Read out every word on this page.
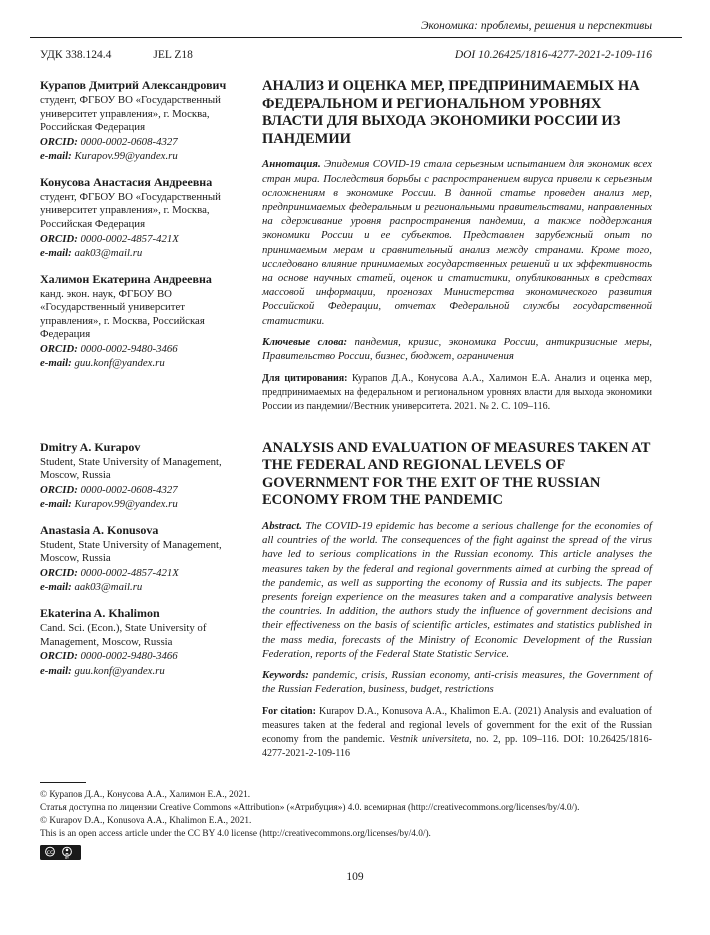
Экономика: проблемы, решения и перспективы
УДК 338.124.4	JEL Z18	DOI 10.26425/1816-4277-2021-2-109-116
Курапов Дмитрий Александрович
студент, ФГБОУ ВО «Государственный университет управления», г. Москва, Российская Федерация
ORCID: 0000-0002-0608-4327
e-mail: Kurapov.99@yandex.ru
Конусова Анастасия Андреевна
студент, ФГБОУ ВО «Государственный университет управления», г. Москва, Российская Федерация
ORCID: 0000-0002-4857-421X
e-mail: aak03@mail.ru
Халимон Екатерина Андреевна
канд. экон. наук, ФГБОУ ВО «Государственный университет управления», г. Москва, Российская Федерация
ORCID: 0000-0002-9480-3466
e-mail: guu.konf@yandex.ru
АНАЛИЗ И ОЦЕНКА МЕР, ПРЕДПРИНИМАЕМЫХ НА ФЕДЕРАЛЬНОМ И РЕГИОНАЛЬНОМ УРОВНЯХ ВЛАСТИ ДЛЯ ВЫХОДА ЭКОНОМИКИ РОССИИ ИЗ ПАНДЕМИИ
Аннотация. Эпидемия COVID-19 стала серьезным испытанием для экономик всех стран мира. Последствия борьбы с распространением вируса привели к серьезным осложнениям в экономике России. В данной статье проведен анализ мер, предпринимаемых федеральным и региональными правительствами, направленных на сдерживание уровня распространения пандемии, а также поддержания экономики России и ее субъектов. Представлен зарубежный опыт по принимаемым мерам и сравнительный анализ между странами. Кроме того, исследовано влияние принимаемых государственных решений и их эффективность на основе научных статей, оценок и статистики, опубликованных в средствах массовой информации, прогнозах Министерства экономического развития Российской Федерации, отчетах Федеральной службы государственной статистики.
Ключевые слова: пандемия, кризис, экономика России, антикризисные меры, Правительство России, бизнес, бюджет, ограничения
Для цитирования: Курапов Д.А., Конусова А.А., Халимон Е.А. Анализ и оценка мер, предпринимаемых на федеральном и региональном уровнях власти для выхода экономики России из пандемии//Вестник университета. 2021. № 2. С. 109–116.
Dmitry A. Kurapov
Student, State University of Management, Moscow, Russia
ORCID: 0000-0002-0608-4327
e-mail: Kurapov.99@yandex.ru
Anastasia A. Konusova
Student, State University of Management, Moscow, Russia
ORCID: 0000-0002-4857-421X
e-mail: aak03@mail.ru
Ekaterina A. Khalimon
Cand. Sci. (Econ.), State University of Management, Moscow, Russia
ORCID: 0000-0002-9480-3466
e-mail: guu.konf@yandex.ru
ANALYSIS AND EVALUATION OF MEASURES TAKEN AT THE FEDERAL AND REGIONAL LEVELS OF GOVERNMENT FOR THE EXIT OF THE RUSSIAN ECONOMY FROM THE PANDEMIC
Abstract. The COVID-19 epidemic has become a serious challenge for the economies of all countries of the world. The consequences of the fight against the spread of the virus have led to serious complications in the Russian economy. This article analyses the measures taken by the federal and regional governments aimed at curbing the spread of the pandemic, as well as supporting the economy of Russia and its subjects. The paper presents foreign experience on the measures taken and a comparative analysis between the countries. In addition, the authors study the influence of government decisions and their effectiveness on the basis of scientific articles, estimates and statistics published in the mass media, forecasts of the Ministry of Economic Development of the Russian Federation, reports of the Federal State Statistic Service.
Keywords: pandemic, crisis, Russian economy, anti-crisis measures, the Government of the Russian Federation, business, budget, restrictions
For citation: Kurapov D.A., Konusova A.A., Khalimon E.A. (2021) Analysis and evaluation of measures taken at the federal and regional levels of government for the exit of the Russian economy from the pandemic. Vestnik universiteta, no. 2, pp. 109–116. DOI: 10.26425/1816-4277-2021-2-109-116
© Курапов Д.А., Конусова А.А., Халимон Е.А., 2021.
Статья доступна по лицензии Creative Commons «Attribution» («Атрибуция») 4.0. всемирная (http://creativecommons.org/licenses/by/4.0/).
© Kurapov D.A., Konusova A.A., Khalimon E.A., 2021.
This is an open access article under the CC BY 4.0 license (http://creativecommons.org/licenses/by/4.0/).
cc
BY
109
